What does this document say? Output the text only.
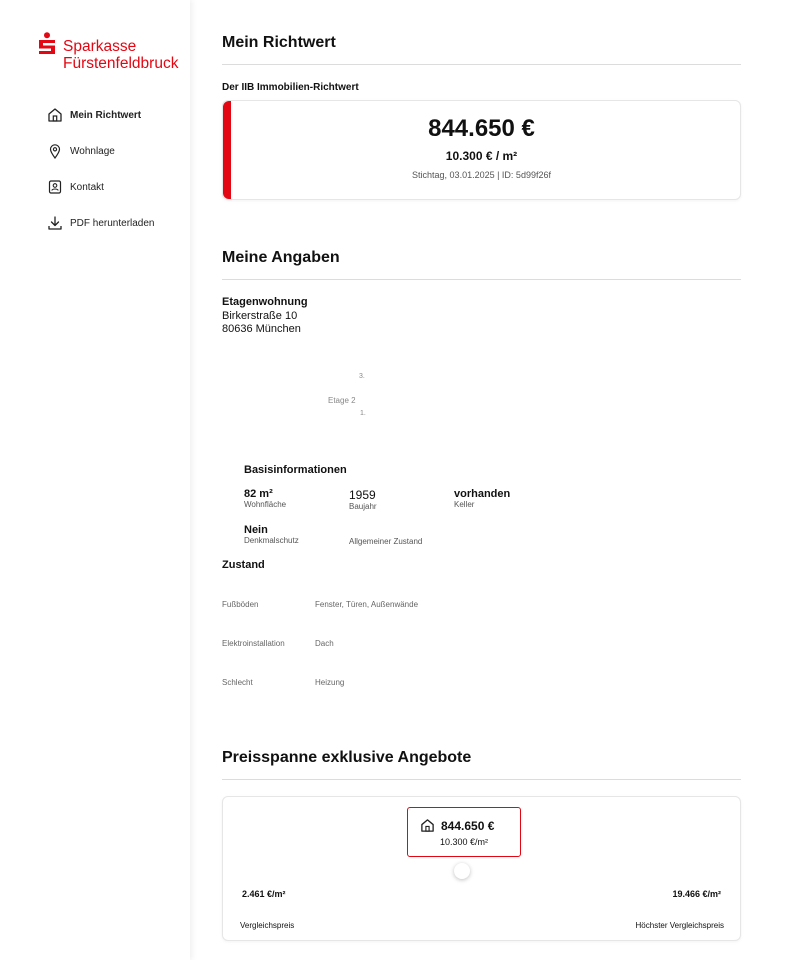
Sparkasse
Fürstenfeldbruck
Mein Richtwert
Wohnlage
Kontakt
PDF herunterladen
Mein Richtwert
Der IIB Immobilien-Richtwert
844.650 €
10.300 € / m²
Stichtag, 03.01.2025 | ID: 5d99f26f
Meine Angaben
Etagenwohnung
Birkerstraße 10
80636 München
3.
Etage 2
1.
Basisinformationen
82 m²
Wohnfläche
1959
Baujahr
vorhanden
Keller
Nein
Denkmalschutz	Allgemeiner Zustand
Zustand
Fußböden	Fenster, Türen, Außenwände
Elektroinstallation	Dach
Schlecht	Heizung
Preisspanne exklusive Angebote
844.650 €
10.300 €/m²
2.461 €/m²	19.466 €/m²
Vergleichspreis	Höchster Vergleichspreis
